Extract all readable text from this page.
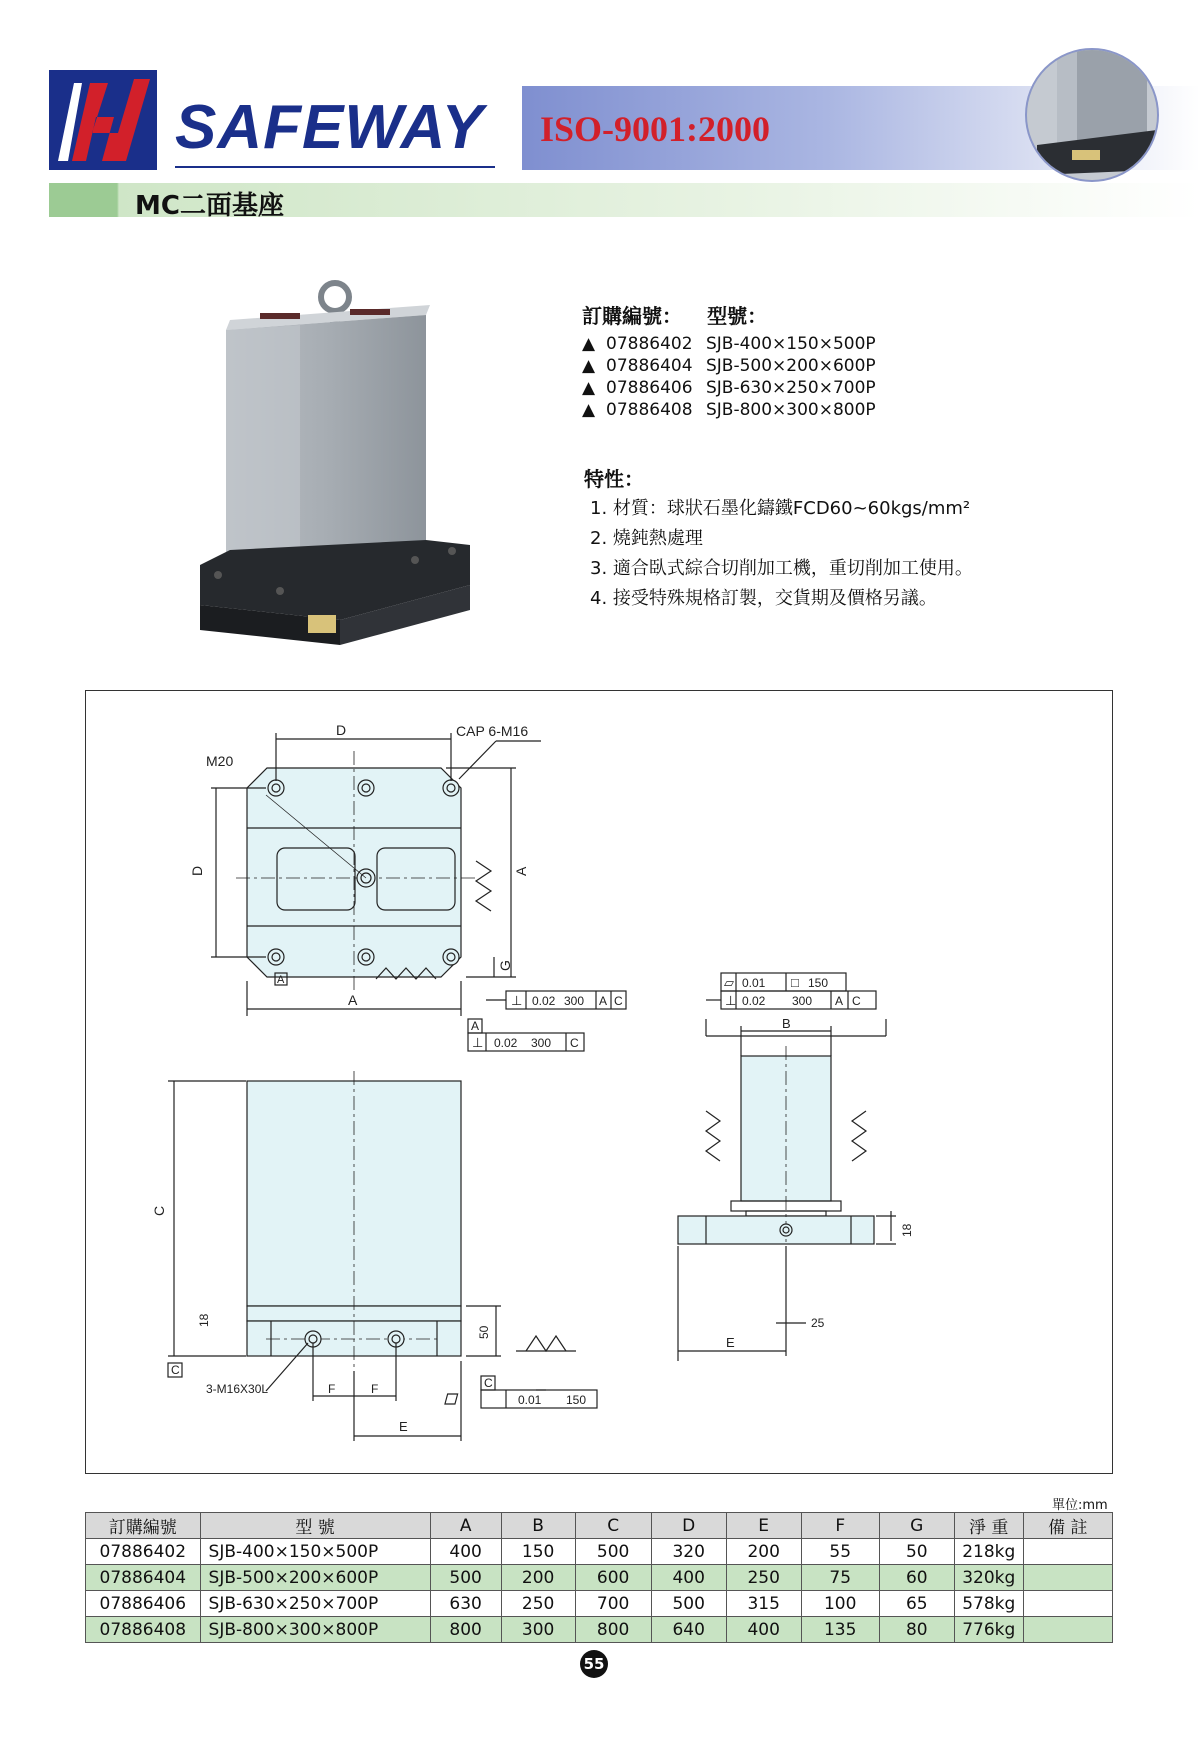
SAFEWAY ISO-9001:2000
MC二面基座
訂購編號： 型號：
▲ 07886402 SJB-400×150×500P
▲ 07886404 SJB-500×200×600P
▲ 07886406 SJB-630×250×700P
▲ 07886408 SJB-800×300×800P
特性：
1. 材質：球狀石墨化鑄鐵FCD60~60kgs/mm²
2. 燒鈍熱處理
3. 適合臥式綜合切削加工機，重切削加工使用。
4. 接受特殊規格訂製，交貨期及價格另議。
D
M20
CAP 6-M16
D	A
G
A
A
⊥ 0.02 300 A C
A
⊥ 0.02 300 C
C
C
18
50
3-M16X30L	F	F
E
C
0.01 150
▱ 0.01 □ 150
⊥ 0.02 300 A C
B
E
25
18
單位:mm
訂購編號	型 號	A	B	C	D	E	F	G	淨 重	備 註
07886402	SJB-400×150×500P	400	150	500	320	200	55	50	218kg	
07886404	SJB-500×200×600P	500	200	600	400	250	75	60	320kg	
07886406	SJB-630×250×700P	630	250	700	500	315	100	65	578kg	
07886408	SJB-800×300×800P	800	300	800	640	400	135	80	776kg	
55
